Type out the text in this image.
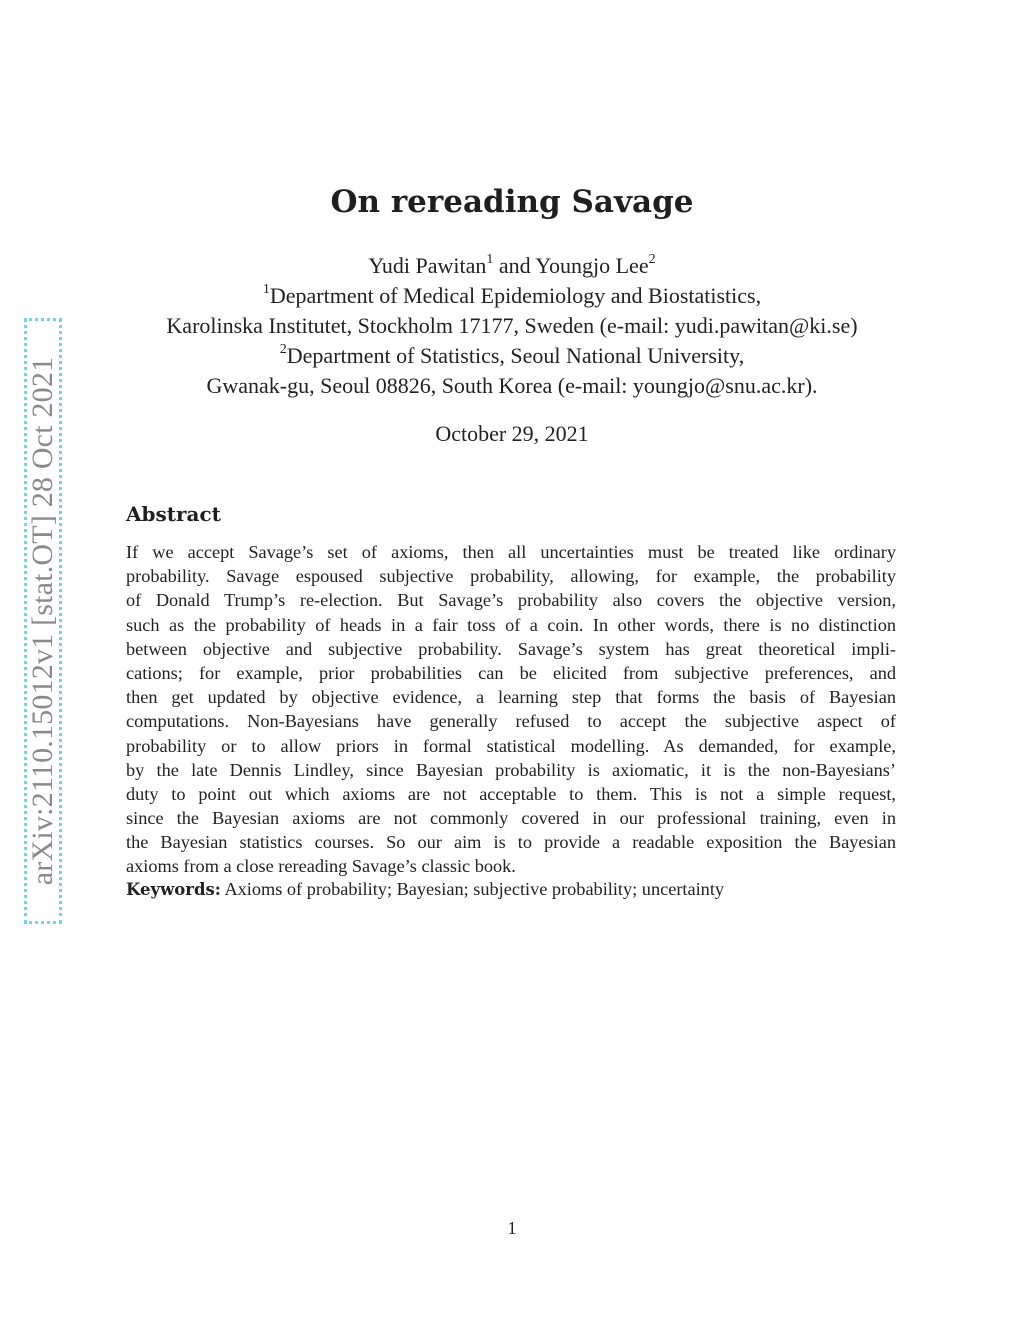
arXiv:2110.15012v1 [stat.OT] 28 Oct 2021
On rereading Savage
Yudi Pawitan$^1$ and Youngjo Lee$^2$
$^1$Department of Medical Epidemiology and Biostatistics,
Karolinska Institutet, Stockholm 17177, Sweden (e-mail: yudi.pawitan@ki.se)
$^2$Department of Statistics, Seoul National University,
Gwanak-gu, Seoul 08826, South Korea (e-mail: youngjo@snu.ac.kr).
October 29, 2021
Abstract
If we accept Savage’s set of axioms, then all uncertainties must be treated like ordinary
probability. Savage espoused subjective probability, allowing, for example, the probability
of Donald Trump’s re-election. But Savage’s probability also covers the objective version,
such as the probability of heads in a fair toss of a coin. In other words, there is no distinction
between objective and subjective probability. Savage’s system has great theoretical impli-
cations; for example, prior probabilities can be elicited from subjective preferences, and
then get updated by objective evidence, a learning step that forms the basis of Bayesian
computations. Non-Bayesians have generally refused to accept the subjective aspect of
probability or to allow priors in formal statistical modelling. As demanded, for example,
by the late Dennis Lindley, since Bayesian probability is axiomatic, it is the non-Bayesians’
duty to point out which axioms are not acceptable to them. This is not a simple request,
since the Bayesian axioms are not commonly covered in our professional training, even in
the Bayesian statistics courses. So our aim is to provide a readable exposition the Bayesian
axioms from a close rereading Savage’s classic book.
Keywords: Axioms of probability; Bayesian; subjective probability; uncertainty
1
